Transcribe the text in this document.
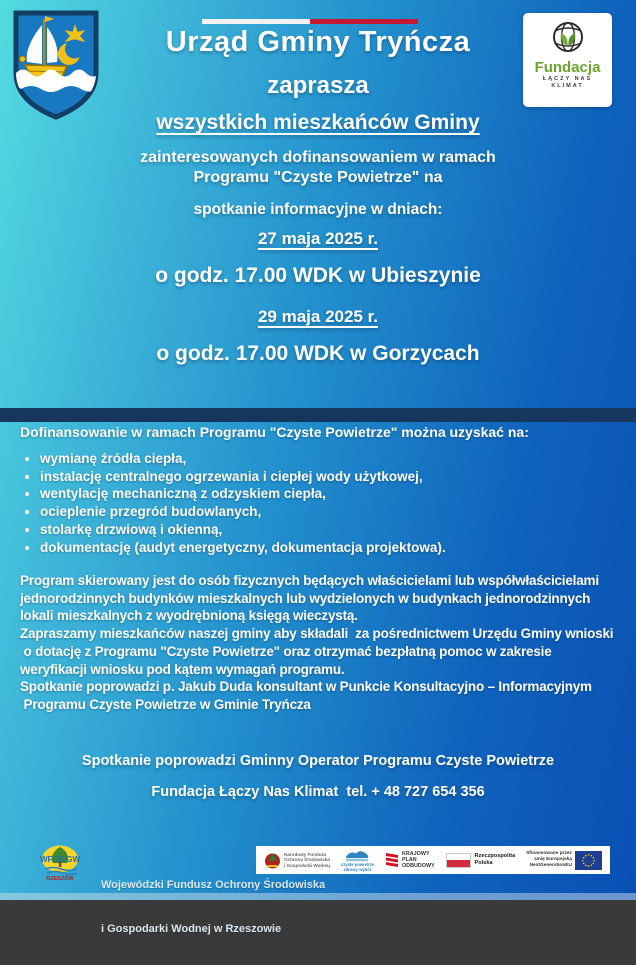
Fundacja
ŁĄCZY NAS
KLIMAT
Urząd Gminy Tryńcza
zaprasza
wszystkich mieszkańców Gminy
zainteresowanych dofinansowaniem w ramach
Programu "Czyste Powietrze" na
spotkanie informacyjne w dniach:
27 maja 2025 r.
o godz. 17.00 WDK w Ubieszynie
29 maja 2025 r.
o godz. 17.00 WDK w Gorzycach
Dofinansowanie w ramach Programu "Czyste Powietrze" można uzyskać na:
• wymianę źródła ciepła,
• instalację centralnego ogrzewania i ciepłej wody użytkowej,
• wentylację mechaniczną z odzyskiem ciepła,
• ocieplenie przegród budowlanych,
• stolarkę drzwiową i okienną,
• dokumentację (audyt energetyczny, dokumentacja projektowa).
Program skierowany jest do osób fizycznych będących właścicielami lub współwłaścicielami
jednorodzinnych budynków mieszkalnych lub wydzielonych w budynkach jednorodzinnych
lokali mieszkalnych z wyodrębnioną księgą wieczystą.
Zapraszamy mieszkańców naszej gminy aby składali  za pośrednictwem Urzędu Gminy wnioski
o dotację z Programu "Czyste Powietrze" oraz otrzymać bezpłatną pomoc w zakresie
weryfikacji wniosku pod kątem wymagań programu.
Spotkanie poprowadzi p. Jakub Duda konsultant w Punkcie Konsultacyjno – Informacyjnym
Programu Czyste Powietrze w Gminie Tryńcza
Spotkanie poprowadzi Gminny Operator Programu Czyste Powietrze
Fundacja Łączy Nas Klimat  tel. + 48 727 654 356
WFOŚiGW
RZESZÓW

Wojewódzki Fundusz Ochrony Środowiska

i Gospodarki Wodnej w Rzeszowie

Narodowy Fundusz
Ochrony Środowiska
i Gospodarki Wodnej	czyste powietrze
zdrowy wybór
KRAJOWY
PLAN
ODBUDOWY
Rzeczpospolita
Polska
Sfinansowane przez
Unię Europejską
NextGenerationEU
